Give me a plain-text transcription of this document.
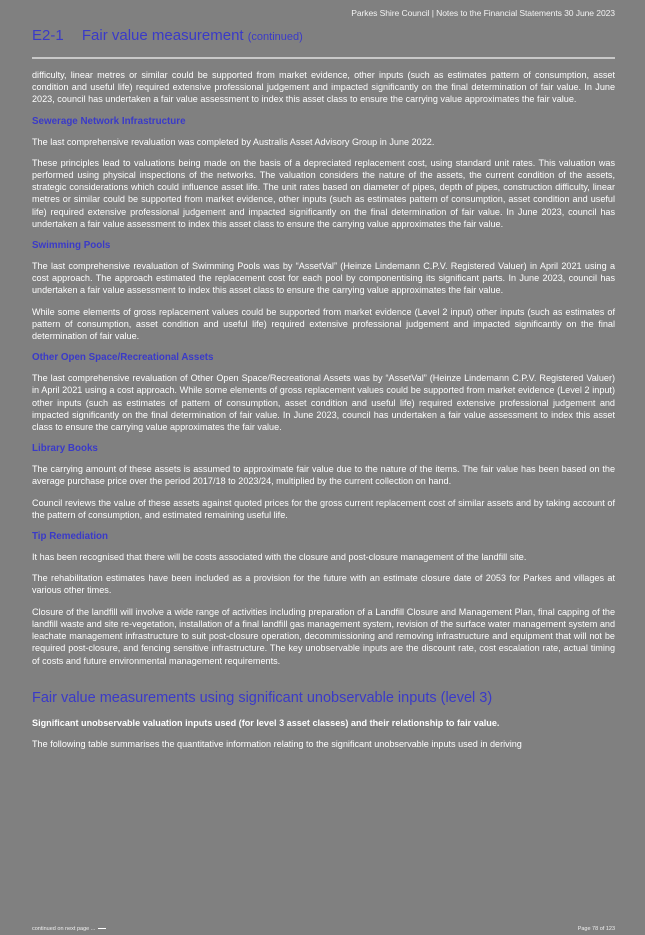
Parkes Shire Council | Notes to the Financial Statements 30 June 2023
E2-1 Fair value measurement (continued)

difficulty, linear metres or similar could be supported from market evidence, other inputs (such as estimates pattern of consumption, asset condition and useful life) required extensive professional judgement and impacted significantly on the final determination of fair value. In June 2023, council has undertaken a fair value assessment to index this asset class to ensure the carrying value approximates the fair value.

Sewerage Network Infrastructure

The last comprehensive revaluation was completed by Australis Asset Advisory Group in June 2022.

These principles lead to valuations being made on the basis of a depreciated replacement cost, using standard unit rates. This valuation was performed using physical inspections of the networks. The valuation considers the nature of the assets, the current condition of the assets, strategic considerations which could influence asset life. The unit rates based on diameter of pipes, depth of pipes, construction difficulty, linear metres or similar could be supported from market evidence, other inputs (such as estimates pattern of consumption, asset condition and useful life) required extensive professional judgement and impacted significantly on the final determination of fair value. In June 2023, council has undertaken a fair value assessment to index this asset class to ensure the carrying value approximates the fair value.

Swimming Pools

The last comprehensive revaluation of Swimming Pools was by “AssetVal” (Heinze Lindemann C.P.V. Registered Valuer) in April 2021 using a cost approach. The approach estimated the replacement cost for each pool by componentising its significant parts. In June 2023, council has undertaken a fair value assessment to index this asset class to ensure the carrying value approximates the fair value.

While some elements of gross replacement values could be supported from market evidence (Level 2 input) other inputs (such as estimates of pattern of consumption, asset condition and useful life) required extensive professional judgement and impacted significantly on the final determination of fair value.

Other Open Space/Recreational Assets

The last comprehensive revaluation of Other Open Space/Recreational Assets was by “AssetVal” (Heinze Lindemann C.P.V. Registered Valuer) in April 2021 using a cost approach. While some elements of gross replacement values could be supported from market evidence (Level 2 input) other inputs (such as estimates of pattern of consumption, asset condition and useful life) required extensive professional judgement and impacted significantly on the final determination of fair value. In June 2023, council has undertaken a fair value assessment to index this asset class to ensure the carrying value approximates the fair value.

Library Books

The carrying amount of these assets is assumed to approximate fair value due to the nature of the items. The fair value has been based on the average purchase price over the period 2017/18 to 2023/24, multiplied by the current collection on hand.

Council reviews the value of these assets against quoted prices for the gross current replacement cost of similar assets and by taking account of the pattern of consumption, and estimated remaining useful life.

Tip Remediation

It has been recognised that there will be costs associated with the closure and post-closure management of the landfill site.

The rehabilitation estimates have been included as a provision for the future with an estimate closure date of 2053 for Parkes and villages at various other times.

Closure of the landfill will involve a wide range of activities including preparation of a Landfill Closure and Management Plan, final capping of the landfill waste and site re-vegetation, installation of a final landfill gas management system, revision of the surface water management system and leachate management infrastructure to suit post-closure operation, decommissioning and removing infrastructure and equipment that will not be required post-closure, and fencing sensitive infrastructure. The key unobservable inputs are the discount rate, cost escalation rate, actual timing of costs and future environmental management requirements.

Fair value measurements using significant unobservable inputs (level 3)

Significant unobservable valuation inputs used (for level 3 asset classes) and their relationship to fair value.

The following table summarises the quantitative information relating to the significant unobservable inputs used in deriving

continued on next page ...	Page 78 of 123
